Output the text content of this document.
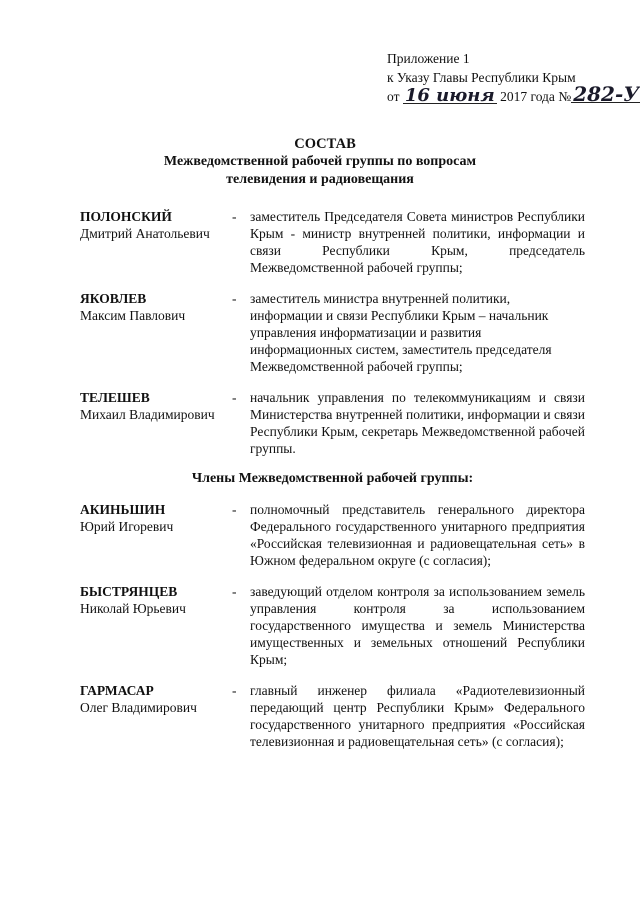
Приложение 1
к Указу Главы Республики Крым
от 16 июня 2017 года № 282-У
СОСТАВ
Межведомственной рабочей группы по вопросам
телевидения и радиовещания
ПОЛОНСКИЙ
Дмитрий Анатольевич
-	заместитель Председателя Совета министров Республики Крым - министр внутренней политики, информации и связи Республики Крым, председатель Межведомственной рабочей группы;
ЯКОВЛЕВ
Максим Павлович
-	заместитель министра внутренней политики, информации и связи Республики Крым – начальник управления информатизации и развития информационных систем, заместитель председателя Межведомственной рабочей группы;
ТЕЛЕШЕВ
Михаил Владимирович
-	начальник управления по телекоммуникациям и связи Министерства внутренней политики, информации и связи Республики Крым, секретарь Межведомственной рабочей группы.
Члены Межведомственной рабочей группы:
АКИНЬШИН
Юрий Игоревич
-	полномочный представитель генерального директора Федерального государственного унитарного предприятия «Российская телевизионная и радиовещательная сеть» в Южном федеральном округе (с согласия);
БЫСТРЯНЦЕВ
Николай Юрьевич
-	заведующий отделом контроля за использованием земель управления контроля за использованием государственного имущества и земель Министерства имущественных и земельных отношений Республики Крым;
ГАРМАСАР
Олег Владимирович
-	главный инженер филиала «Радиотелевизионный передающий центр Республики Крым» Федерального государственного унитарного предприятия «Российская телевизионная и радиовещательная сеть» (с согласия);
